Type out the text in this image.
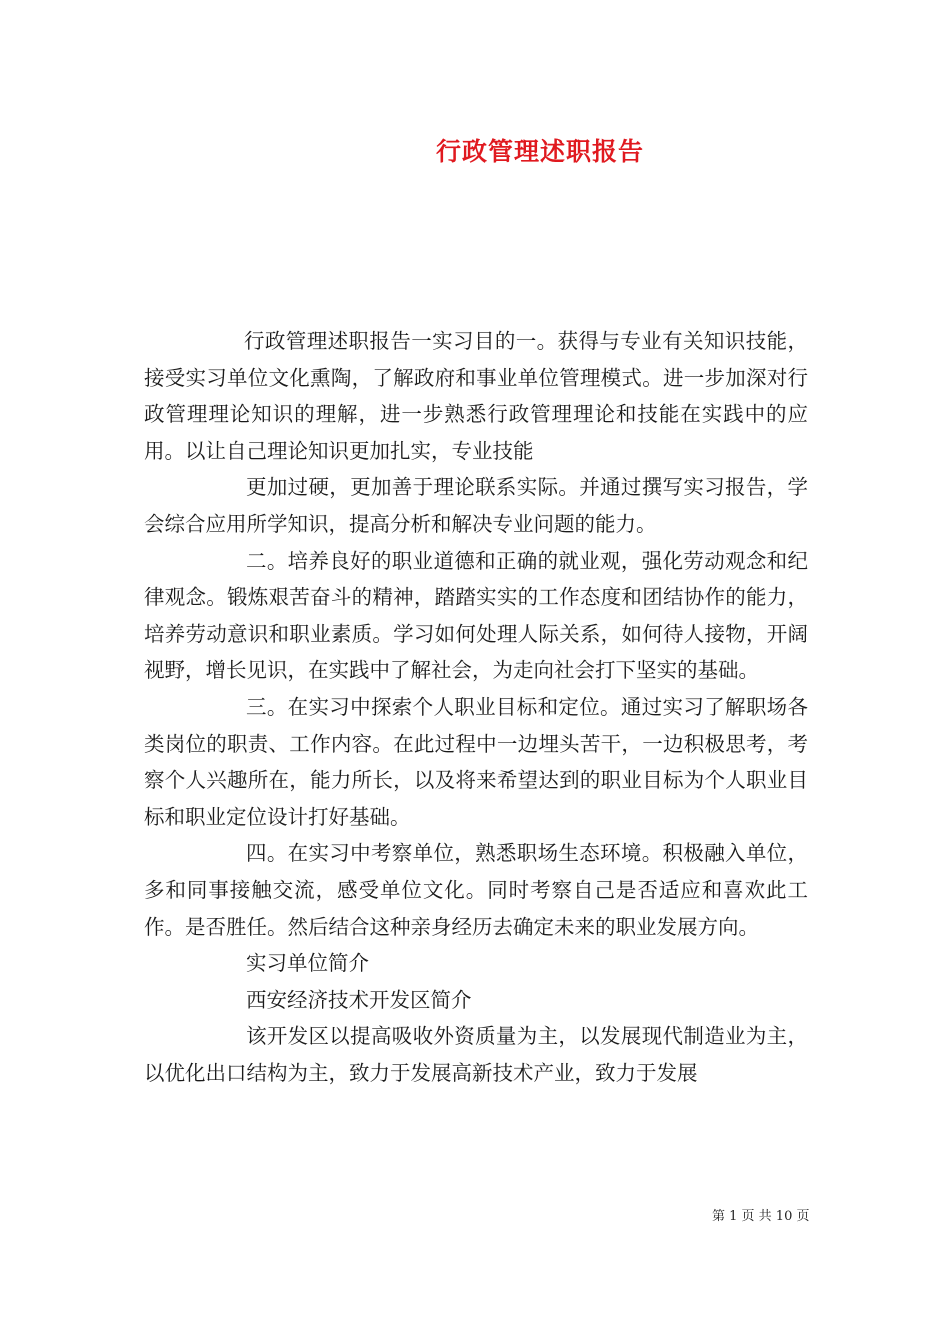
行政管理述职报告

行政管理述职报告一实习目的一。获得与专业有关知识技能，接受实习单位文化熏陶，了解政府和事业单位管理模式。进一步加深对行政管理理论知识的理解，进一步熟悉行政管理理论和技能在实践中的应用。以让自己理论知识更加扎实，专业技能

更加过硬，更加善于理论联系实际。并通过撰写实习报告，学会综合应用所学知识，提高分析和解决专业问题的能力。

二。培养良好的职业道德和正确的就业观，强化劳动观念和纪律观念。锻炼艰苦奋斗的精神，踏踏实实的工作态度和团结协作的能力，培养劳动意识和职业素质。学习如何处理人际关系，如何待人接物，开阔视野，增长见识，在实践中了解社会，为走向社会打下坚实的基础。

三。在实习中探索个人职业目标和定位。通过实习了解职场各类岗位的职责、工作内容。在此过程中一边埋头苦干，一边积极思考，考察个人兴趣所在，能力所长，以及将来希望达到的职业目标为个人职业目标和职业定位设计打好基础。

四。在实习中考察单位，熟悉职场生态环境。积极融入单位，多和同事接触交流，感受单位文化。同时考察自己是否适应和喜欢此工作。是否胜任。然后结合这种亲身经历去确定未来的职业发展方向。

实习单位简介

西安经济技术开发区简介

该开发区以提高吸收外资质量为主，以发展现代制造业为主，以优化出口结构为主，致力于发展高新技术产业，致力于发展

第 1 页 共 10 页
